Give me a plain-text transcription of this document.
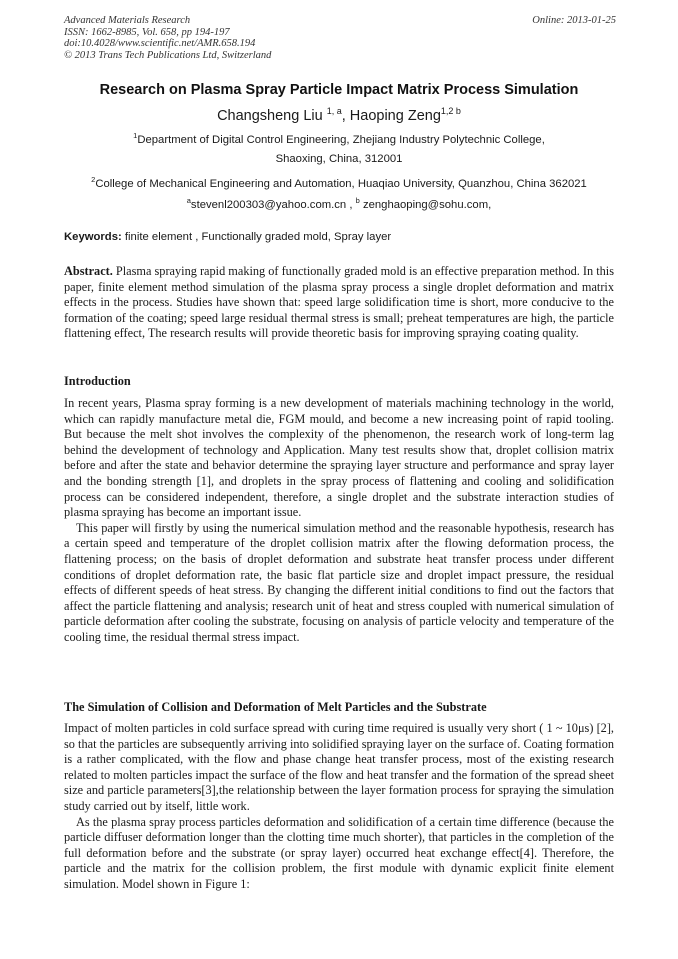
Advanced Materials Research
ISSN: 1662-8985, Vol. 658, pp 194-197
doi:10.4028/www.scientific.net/AMR.658.194
© 2013 Trans Tech Publications Ltd, Switzerland
Online: 2013-01-25
Research on Plasma Spray Particle Impact Matrix Process Simulation
Changsheng Liu $^{1, a}$, Haoping Zeng$^{1,2 b}$
$^1$Department of Digital Control Engineering, Zhejiang Industry Polytechnic College,
Shaoxing, China, 312001
$^2$College of Mechanical Engineering and Automation, Huaqiao University, Quanzhou, China 362021
$^a$stevenl200303@yahoo.com.cn , $^b$ zenghaoping@sohu.com,
Keywords: finite element , Functionally graded mold, Spray layer
Abstract. Plasma spraying rapid making of functionally graded mold is an effective preparation method. In this paper, finite element method simulation of the plasma spray process a single droplet deformation and matrix effects in the process. Studies have shown that: speed large solidification time is short, more conducive to the formation of the coating; speed large residual thermal stress is small; preheat temperatures are high, the particle flattening effect, The research results will provide theoretic basis for improving spraying coating quality.
Introduction

In recent years, Plasma spray forming is a new development of materials machining technology in the world, which can rapidly manufacture metal die, FGM mould, and become a new increasing point of rapid tooling. But because the melt shot involves the complexity of the phenomenon, the research work of long-term lag behind the development of technology and Application. Many test results show that, droplet collision matrix before and after the state and behavior determine the spraying layer structure and performance and spray layer and the bonding strength [1], and droplets in the spray process of flattening and cooling and solidification process can be considered independent, therefore, a single droplet and the substrate interaction studies of plasma spraying has become an important issue.

This paper will firstly by using the numerical simulation method and the reasonable hypothesis, research has a certain speed and temperature of the droplet collision matrix after the flowing deformation process, the flattening process; on the basis of droplet deformation and substrate heat transfer process under different conditions of droplet deformation rate, the basic flat particle size and droplet impact pressure, the residual effects of different speeds of heat stress. By changing the different initial conditions to find out the factors that affect the particle flattening and analysis; research unit of heat and stress coupled with numerical simulation of particle deformation after cooling the substrate, focusing on analysis of particle velocity and temperature of the cooling time, the residual thermal stress impact.

The Simulation of Collision and Deformation of Melt Particles and the Substrate

Impact of molten particles in cold surface spread with curing time required is usually very short ( 1 ~ 10μs) [2], so that the particles are subsequently arriving into solidified spraying layer on the surface of. Coating formation is a rather complicated, with the flow and phase change heat transfer process, most of the existing research related to molten particles impact the surface of the flow and heat transfer and the formation of the spread sheet size and particle parameters[3],the relationship between the layer formation process for spraying the simulation study carried out by itself, little work.

As the plasma spray process particles deformation and solidification of a certain time difference (because the particle diffuser deformation longer than the clotting time much shorter), that particles in the completion of the full deformation before and the substrate (or spray layer) occurred heat exchange effect[4]. Therefore, the particle and the matrix for the collision problem, the first module with dynamic explicit finite element simulation. Model shown in Figure 1:
